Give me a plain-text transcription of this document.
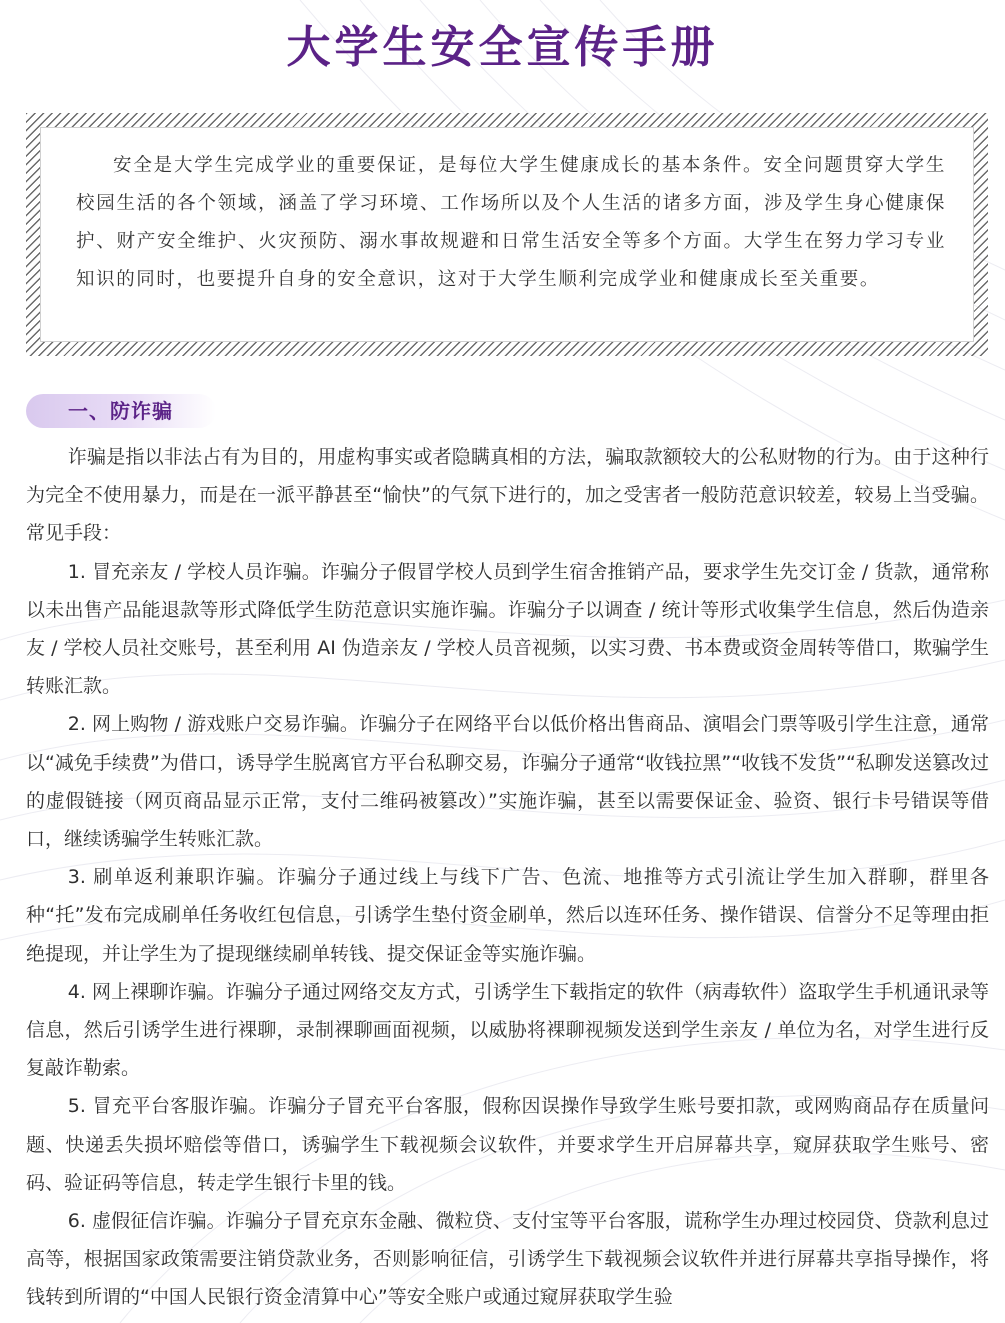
大学生安全宣传手册

安全是大学生完成学业的重要保证，是每位大学生健康成长的基本条件。安全问题贯穿大学生校园生活的各个领域，涵盖了学习环境、工作场所以及个人生活的诸多方面，涉及学生身心健康保护、财产安全维护、火灾预防、溺水事故规避和日常生活安全等多个方面。大学生在努力学习专业知识的同时，也要提升自身的安全意识，这对于大学生顺利完成学业和健康成长至关重要。

一、防诈骗

诈骗是指以非法占有为目的，用虚构事实或者隐瞒真相的方法，骗取款额较大的公私财物的行为。由于这种行为完全不使用暴力，而是在一派平静甚至“愉快”的气氛下进行的，加之受害者一般防范意识较差，较易上当受骗。常见手段：

1. 冒充亲友 / 学校人员诈骗。诈骗分子假冒学校人员到学生宿舍推销产品，要求学生先交订金 / 货款，通常称以未出售产品能退款等形式降低学生防范意识实施诈骗。诈骗分子以调查 / 统计等形式收集学生信息，然后伪造亲友 / 学校人员社交账号，甚至利用 AI 伪造亲友 / 学校人员音视频，以实习费、书本费或资金周转等借口，欺骗学生转账汇款。

2. 网上购物 / 游戏账户交易诈骗。诈骗分子在网络平台以低价格出售商品、演唱会门票等吸引学生注意，通常以“减免手续费”为借口，诱导学生脱离官方平台私聊交易，诈骗分子通常“收钱拉黑”“收钱不发货”“私聊发送篡改过的虚假链接（网页商品显示正常，支付二维码被篡改）”实施诈骗，甚至以需要保证金、验资、银行卡号错误等借口，继续诱骗学生转账汇款。

3. 刷单返利兼职诈骗。诈骗分子通过线上与线下广告、色流、地推等方式引流让学生加入群聊，群里各种“托”发布完成刷单任务收红包信息，引诱学生垫付资金刷单，然后以连环任务、操作错误、信誉分不足等理由拒绝提现，并让学生为了提现继续刷单转钱、提交保证金等实施诈骗。

4. 网上裸聊诈骗。诈骗分子通过网络交友方式，引诱学生下载指定的软件（病毒软件）盗取学生手机通讯录等信息，然后引诱学生进行裸聊，录制裸聊画面视频，以威胁将裸聊视频发送到学生亲友 / 单位为名，对学生进行反复敲诈勒索。

5. 冒充平台客服诈骗。诈骗分子冒充平台客服，假称因误操作导致学生账号要扣款，或网购商品存在质量问题、快递丢失损坏赔偿等借口，诱骗学生下载视频会议软件，并要求学生开启屏幕共享，窥屏获取学生账号、密码、验证码等信息，转走学生银行卡里的钱。

6. 虚假征信诈骗。诈骗分子冒充京东金融、微粒贷、支付宝等平台客服，谎称学生办理过校园贷、贷款利息过高等，根据国家政策需要注销贷款业务，否则影响征信，引诱学生下载视频会议软件并进行屏幕共享指导操作，将钱转到所谓的“中国人民银行资金清算中心”等安全账户或通过窥屏获取学生验
